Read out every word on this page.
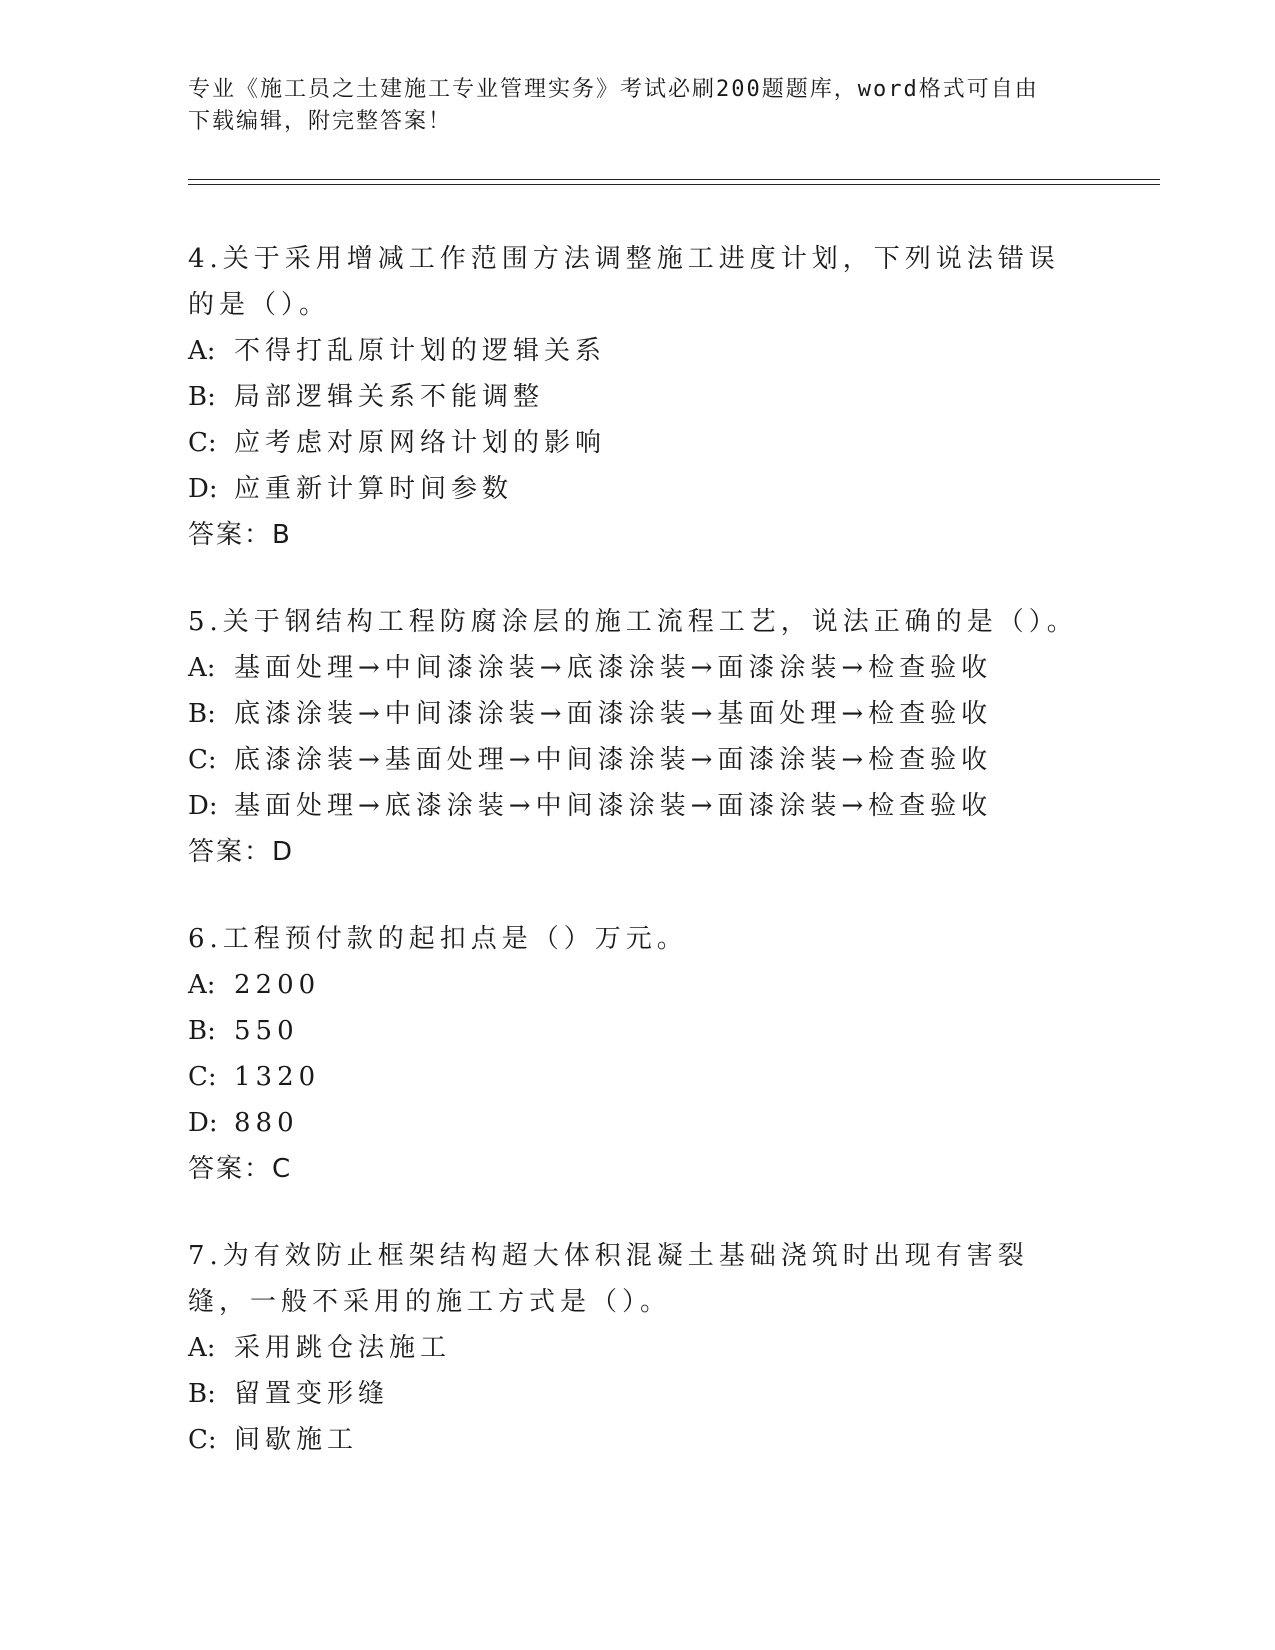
专业《施工员之土建施工专业管理实务》考试必刷200题题库，word格式可自由
下载编辑，附完整答案！

4.关于采用增减工作范围方法调整施工进度计划，下列说法错误的是（）。

A: 不得打乱原计划的逻辑关系
B: 局部逻辑关系不能调整
C: 应考虑对原网络计划的影响
D: 应重新计算时间参数
答案：B

5.关于钢结构工程防腐涂层的施工流程工艺，说法正确的是（）。

A: 基面处理→中间漆涂装→底漆涂装→面漆涂装→检查验收
B: 底漆涂装→中间漆涂装→面漆涂装→基面处理→检查验收
C: 底漆涂装→基面处理→中间漆涂装→面漆涂装→检查验收
D: 基面处理→底漆涂装→中间漆涂装→面漆涂装→检查验收
答案：D

6.工程预付款的起扣点是（）万元。

A: 2200
B: 550
C: 1320
D: 880
答案：C

7.为有效防止框架结构超大体积混凝土基础浇筑时出现有害裂缝，一般不采用的施工方式是（）。

A: 采用跳仓法施工
B: 留置变形缝
C: 间歇施工
